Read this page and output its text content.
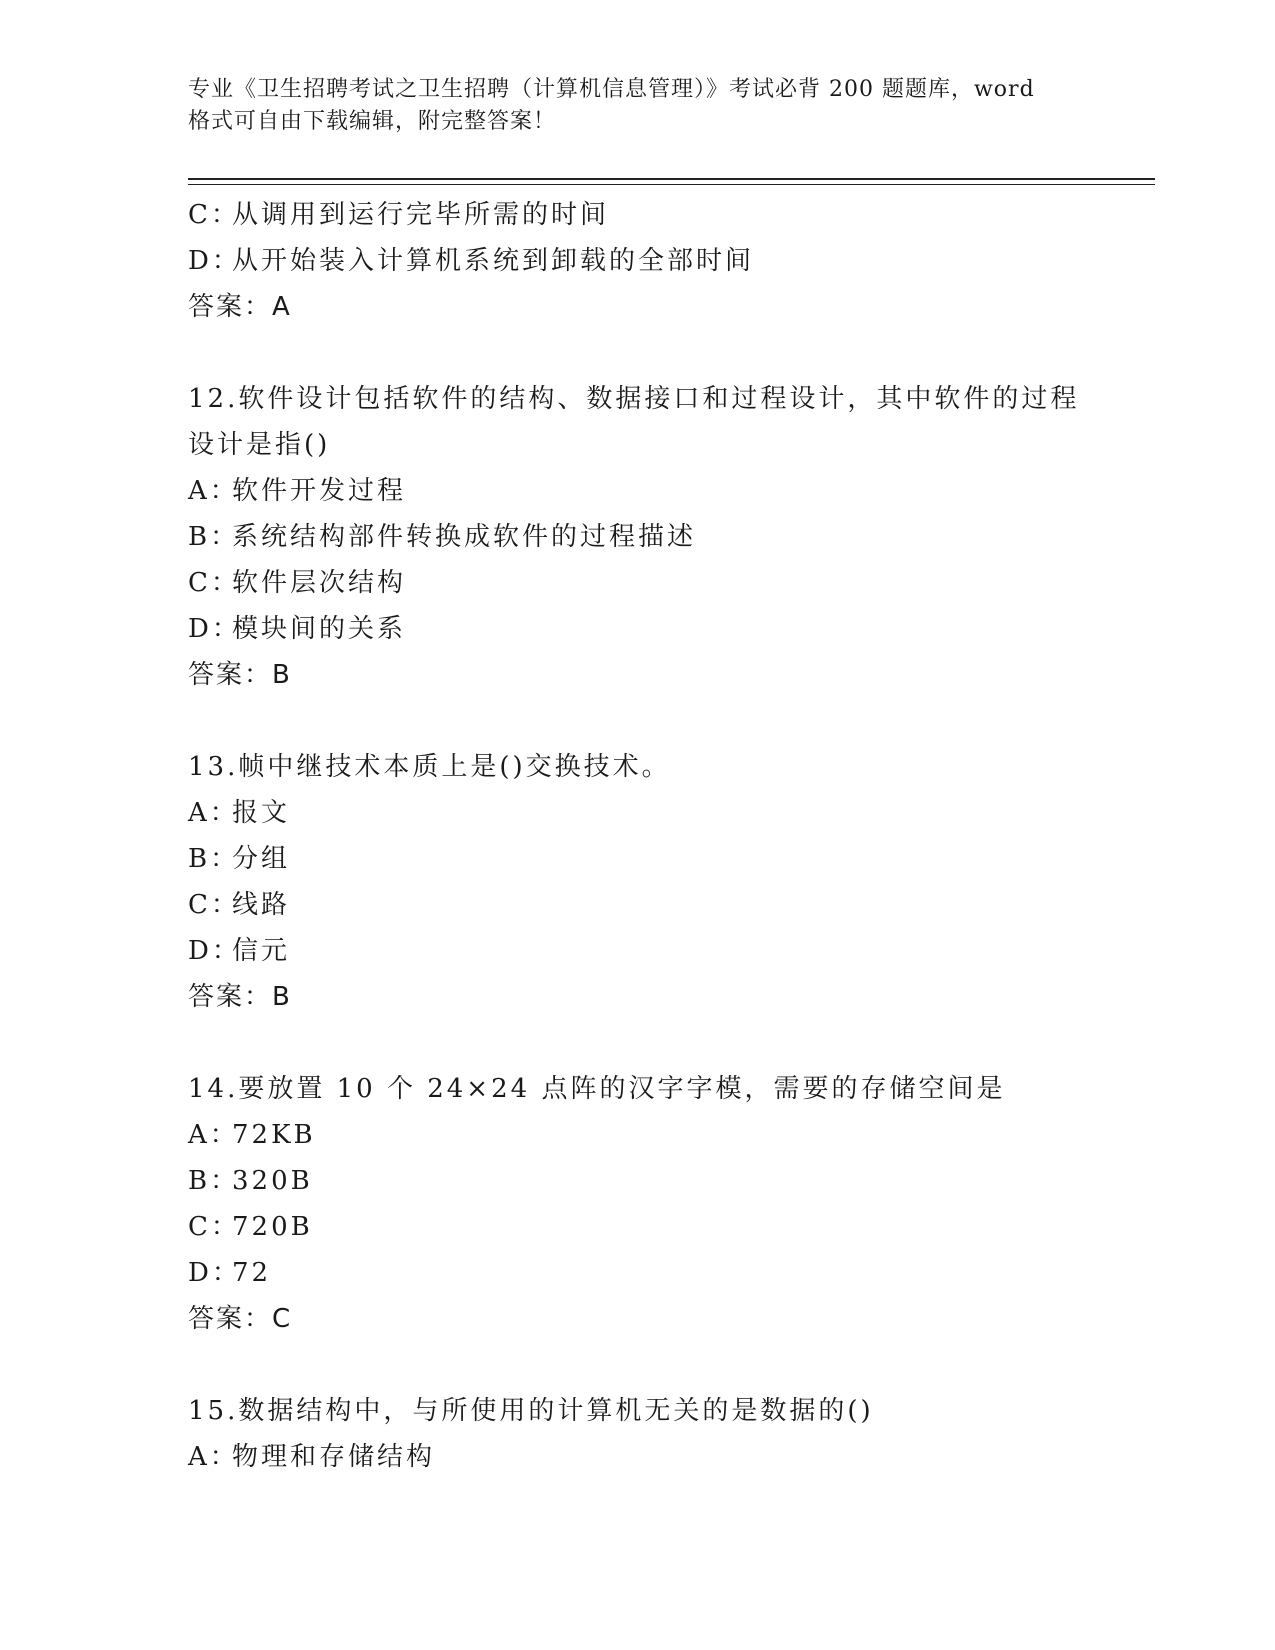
专业《卫生招聘考试之卫生招聘（计算机信息管理）》考试必背 200 题题库，word
格式可自由下载编辑，附完整答案！
C：从调用到运行完毕所需的时间
D：从开始装入计算机系统到卸载的全部时间
答案：A
12.软件设计包括软件的结构、数据接口和过程设计，其中软件的过程
设计是指()
A：软件开发过程
B：系统结构部件转换成软件的过程描述
C：软件层次结构
D：模块间的关系
答案：B
13.帧中继技术本质上是()交换技术。
A：报文
B：分组
C：线路
D：信元
答案：B
14.要放置 10 个 24×24 点阵的汉字字模，需要的存储空间是
A：72KB
B：320B
C：720B
D：72
答案：C
15.数据结构中，与所使用的计算机无关的是数据的()
A：物理和存储结构
